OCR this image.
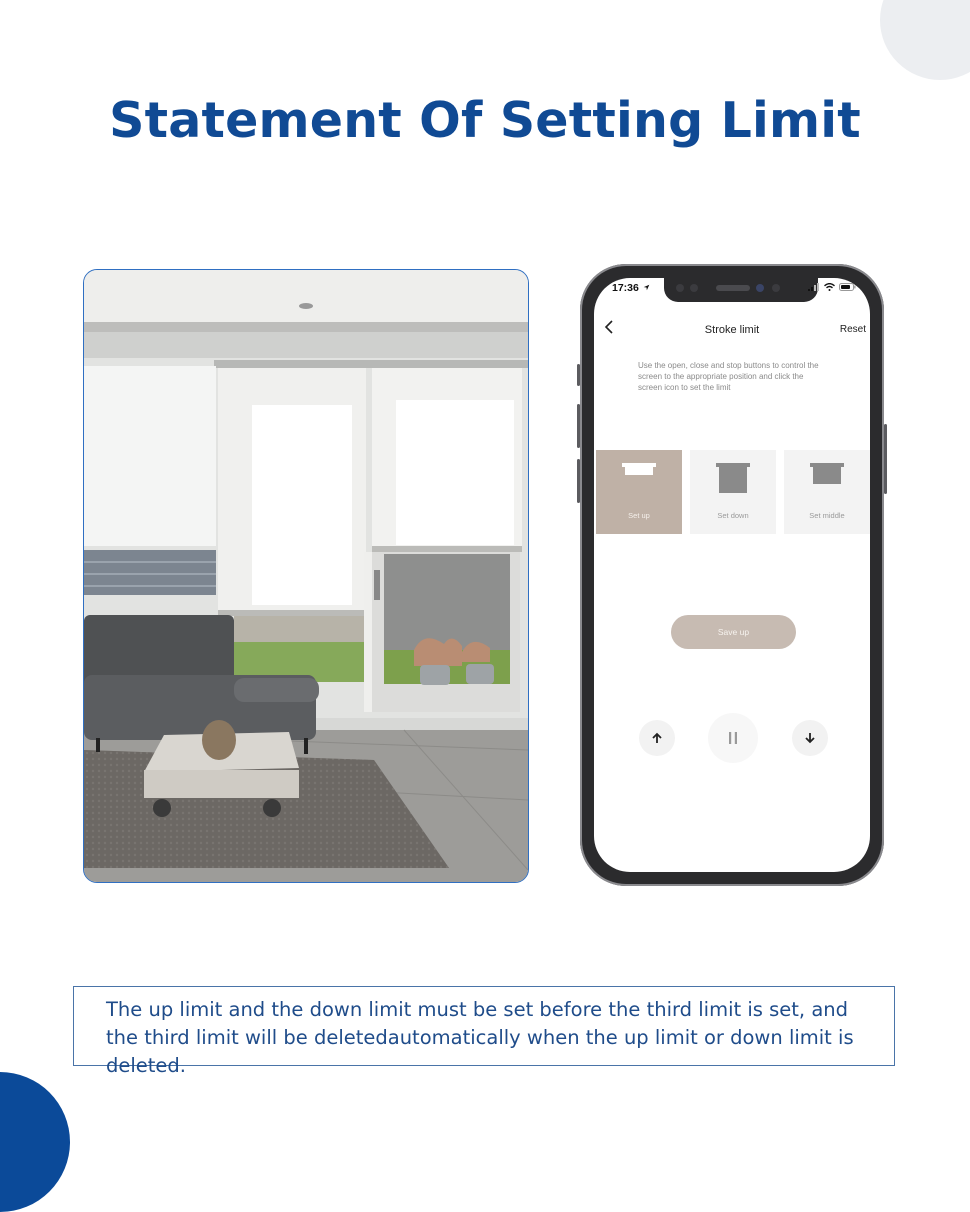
Statement Of Setting Limit
17:36
Stroke limit	Reset
Use the open, close and stop buttons to control the screen to the appropriate position and click the screen icon to set the limit
Set up	Set down	Set middle
Save up

The up limit and the down limit must be set before the third limit is set, and the third limit will be deletedautomatically when the up limit or down limit is deleted.
